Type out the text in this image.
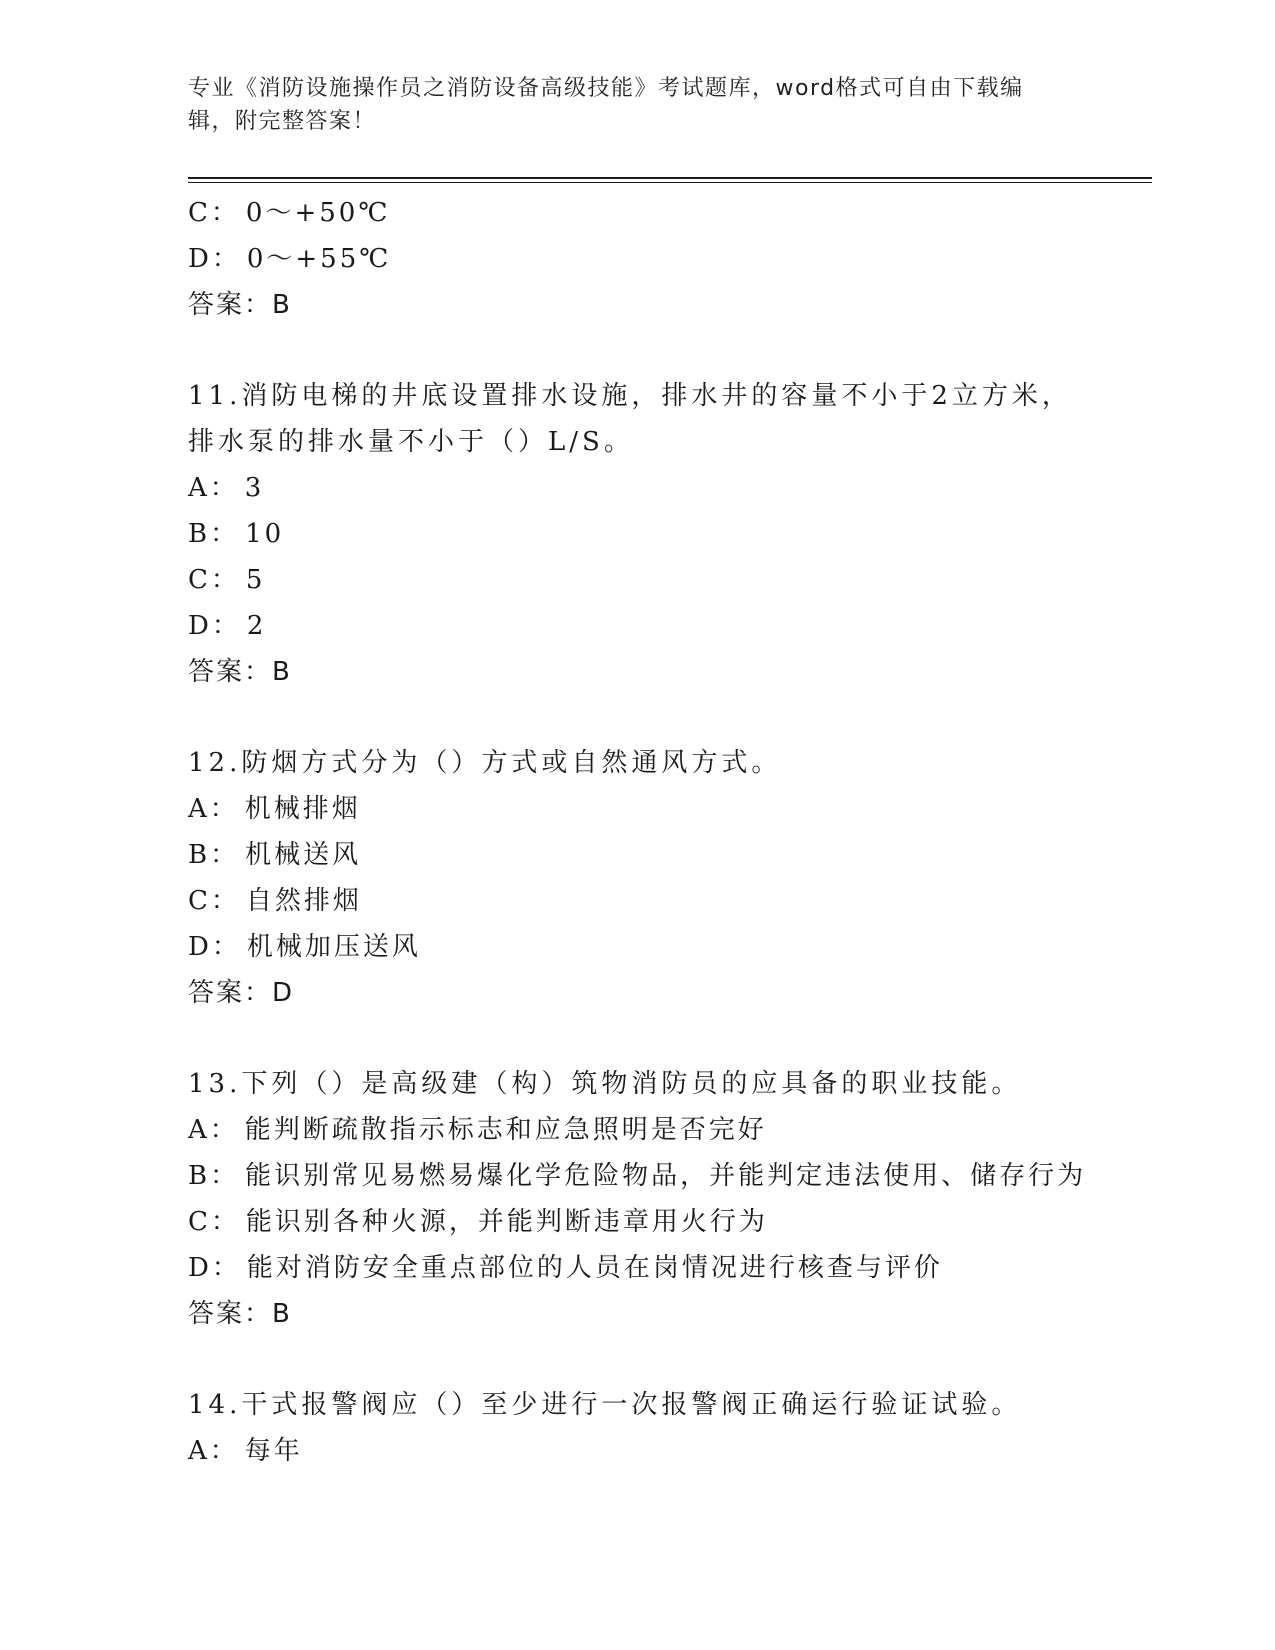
专业《消防设施操作员之消防设备高级技能》考试题库，word格式可自由下载编
辑，附完整答案！
C： 0～+50℃
D： 0～+55℃
答案：B
11.消防电梯的井底设置排水设施，排水井的容量不小于2立方米，排水泵的排水量不小于（）L/S。
A： 3
B： 10
C： 5
D： 2
答案：B
12.防烟方式分为（）方式或自然通风方式。
A： 机械排烟
B： 机械送风
C： 自然排烟
D： 机械加压送风
答案：D
13.下列（）是高级建（构）筑物消防员的应具备的职业技能。
A： 能判断疏散指示标志和应急照明是否完好
B： 能识别常见易燃易爆化学危险物品，并能判定违法使用、储存行为
C： 能识别各种火源，并能判断违章用火行为
D： 能对消防安全重点部位的人员在岗情况进行核查与评价
答案：B
14.干式报警阀应（）至少进行一次报警阀正确运行验证试验。
A： 每年
